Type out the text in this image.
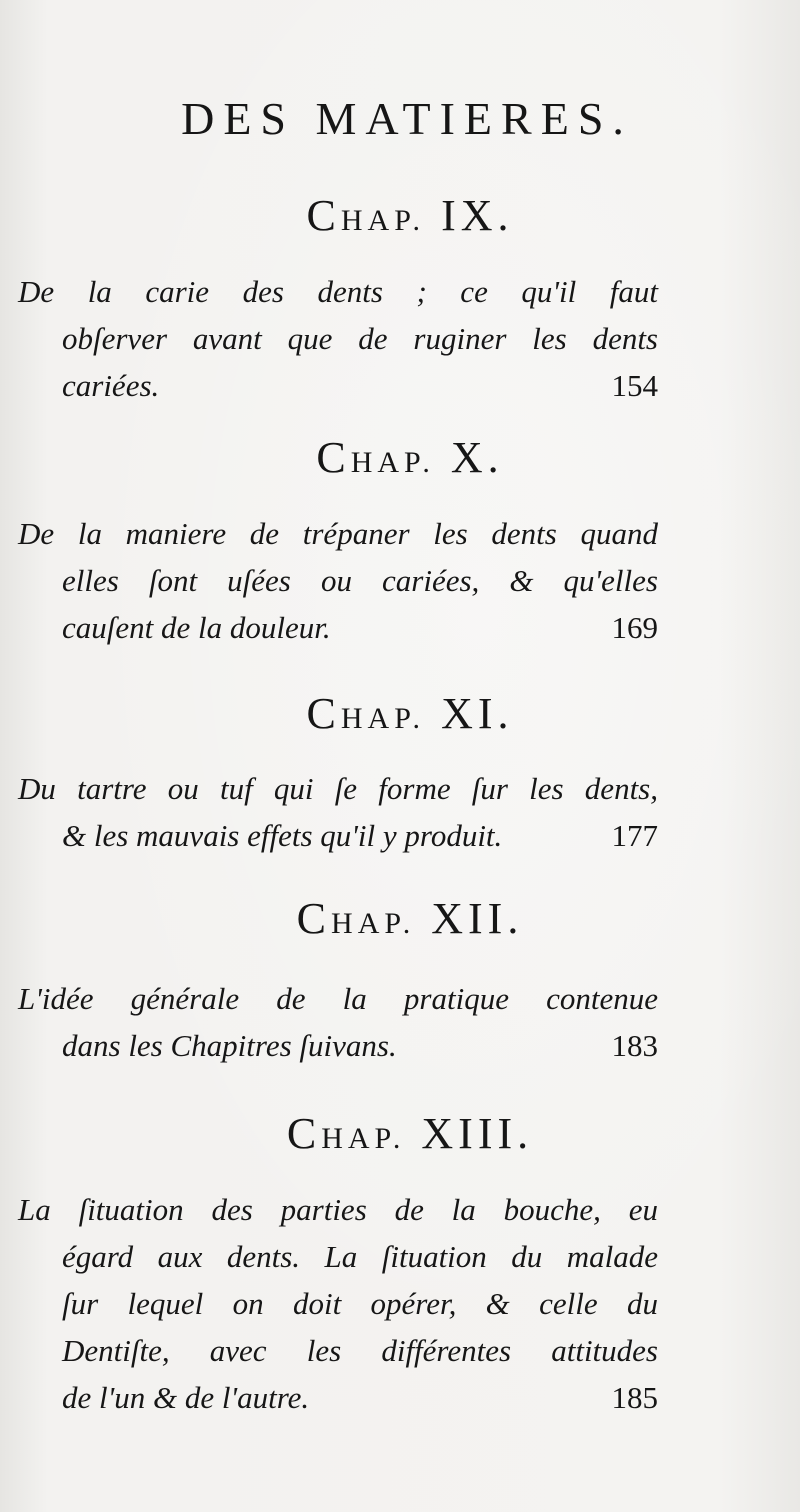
DES MATIERES.
CHAP. IX.
De la carie des dents ; ce qu'il faut
obſerver avant que de ruginer les dents
cariées.	154
CHAP. X.
De la maniere de trépaner les dents quand
elles ſont uſées ou cariées, & qu'elles
cauſent de la douleur.	169
CHAP. XI.
Du tartre ou tuf qui ſe forme ſur les dents,
& les mauvais effets qu'il y produit.	177
CHAP. XII.
L'idée générale de la pratique contenue
dans les Chapitres ſuivans.	183
CHAP. XIII.
La ſituation des parties de la bouche, eu
égard aux dents. La ſituation du malade
ſur lequel on doit opérer, & celle du
Dentiſte, avec les différentes attitudes
de l'un & de l'autre.	185
